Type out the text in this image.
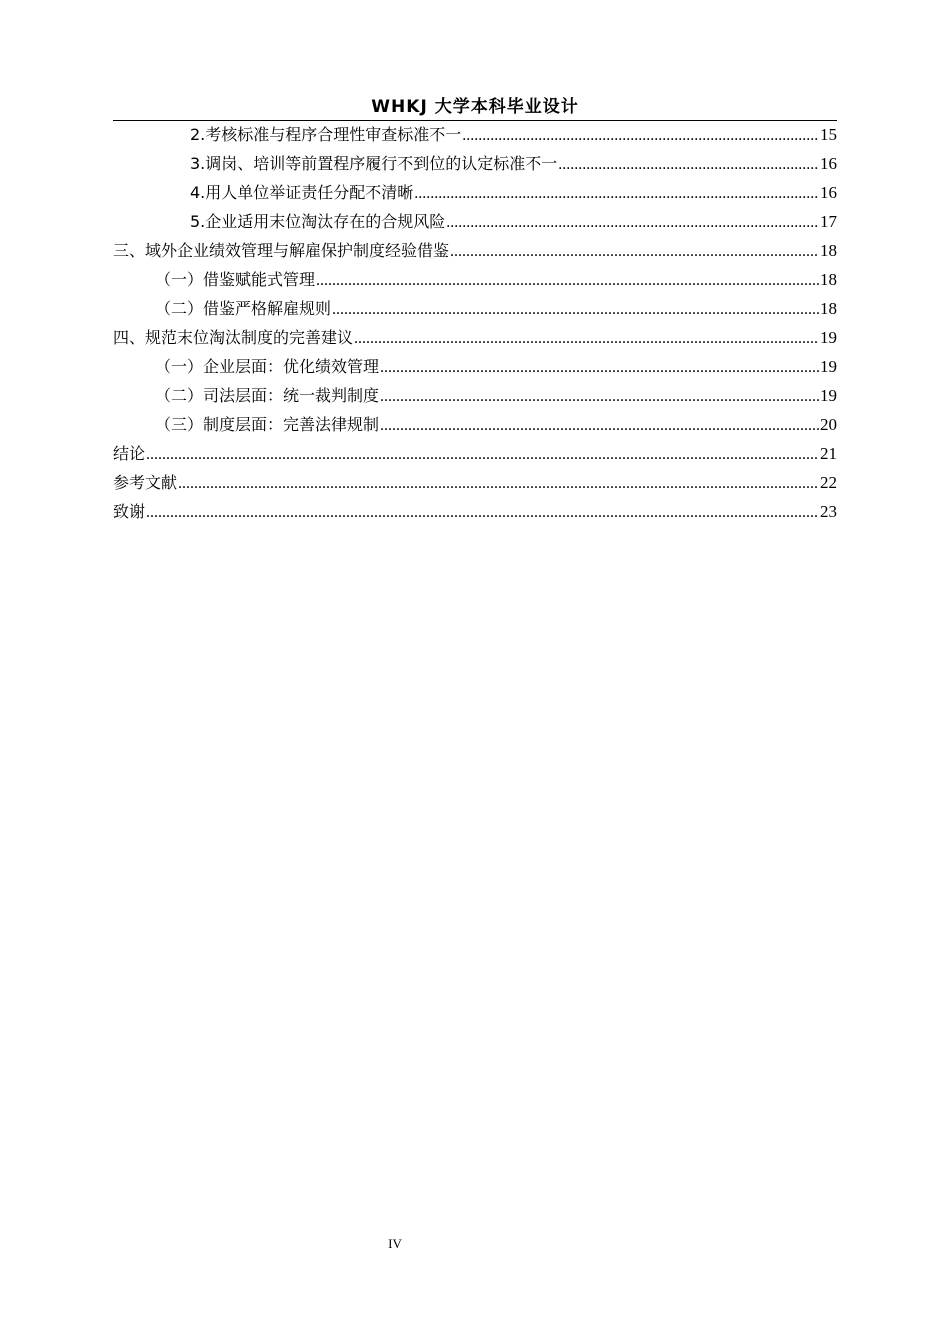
WHKJ 大学本科毕业设计
2.考核标准与程序合理性审查标准不一 .....	15
3.调岗、培训等前置程序履行不到位的认定标准不一 .....	16
4.用人单位举证责任分配不清晰 .....	16
5.企业适用末位淘汰存在的合规风险 .....	17
三、域外企业绩效管理与解雇保护制度经验借鉴 .....	18
（一）借鉴赋能式管理 .....	18
（二）借鉴严格解雇规则 .....	18
四、规范末位淘汰制度的完善建议 .....	19
（一）企业层面：优化绩效管理 .....	19
（二）司法层面：统一裁判制度 .....	19
（三）制度层面：完善法律规制 .....	20
结论 .....	21
参考文献 .....	22
致谢 .....	23
IV
